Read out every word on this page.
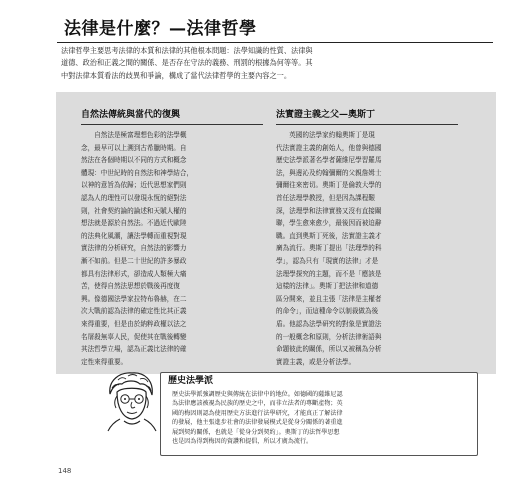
法律是什麼？—法律哲學
法律哲學主要思考法律的本質和法律的其他根本問題：法學知識的性質、法律與
道德、政治和正義之間的關係、是否存在守法的義務、刑罰的根據為何等等。其
中對法律本質看法的歧異和爭論，構成了當代法律哲學的主要內容之一。
自然法傳統與當代的復興
　　自然法是極富理想色彩的法學概
念，最早可以上溯到古希臘時期。自
然法在各個時期以不同的方式和概念
體現：中世紀時的自然法和神學結合，
以神的意旨為依歸；近代思想家們則
認為人的理性可以發現永恆的絕對法
則，社會契約論的論述和天賦人權的
想法就是源於自然法。不過近代歐陸
的法典化風潮，讓法學轉而重視對現
實法律的分析研究，自然法的影響力
漸不如前。但是二十世紀的許多暴政
都具有法律形式，卻造成人類極大痛
苦，使得自然法思想於戰後再度復
興。像德國法學家拉特布魯赫，在二
次大戰前認為法律的確定性比其正義
來得重要，但是由於納粹政權以法之
名屠殺無辜人民，促使其在戰後轉變
其法哲學立場，認為正義比法律的確
定性來得重要。
法實證主義之父—奧斯丁
　　英國的法學家約翰奧斯丁是現
代法實證主義的創始人，他曾與德國
歷史法學派著名學者薩維尼學習羅馬
法，與邊沁及約翰彌爾的父親詹姆士
彌爾往來密切。奧斯丁是倫敦大學的
首任法理學教授，但是因為課程艱
深，法理學和法律實務又沒有直接關
聯，學生愈來愈少，最後因而被迫辭
職。直到奧斯丁死後，法實證主義才
廣為流行。奧斯丁提出「法理學的科
學」，認為只有「現實的法律」才是
法理學探究的主題，而不是「應該是
這樣的法律」。奧斯丁把法律和道德
區分開來，並且主張「法律是主權者
的命令」，而這種命令以制裁做為後
盾。他認為法學研究的對象是實證法
的一般概念和原則，分析法律術語與
命題彼此的關係，所以又被稱為分析
實證主義，或是分析法學。
歷史法學派
歷史法學派強調歷史與傳統在法律中的地位。如德國的薩維尼認
為法律應該被視為民族的歷史之中，而非立法者的專斷產物；英
國的梅因則認為使用歷史方法進行法學研究，才能真正了解法律
的發展，他主張進步社會的法律發展模式是從身分關係的著重進
展到契約關係，也就是「從身分到契約」。奧斯丁的法哲學思想
也是因為得到梅因的資讚和提倡，所以才廣為流行。
148
